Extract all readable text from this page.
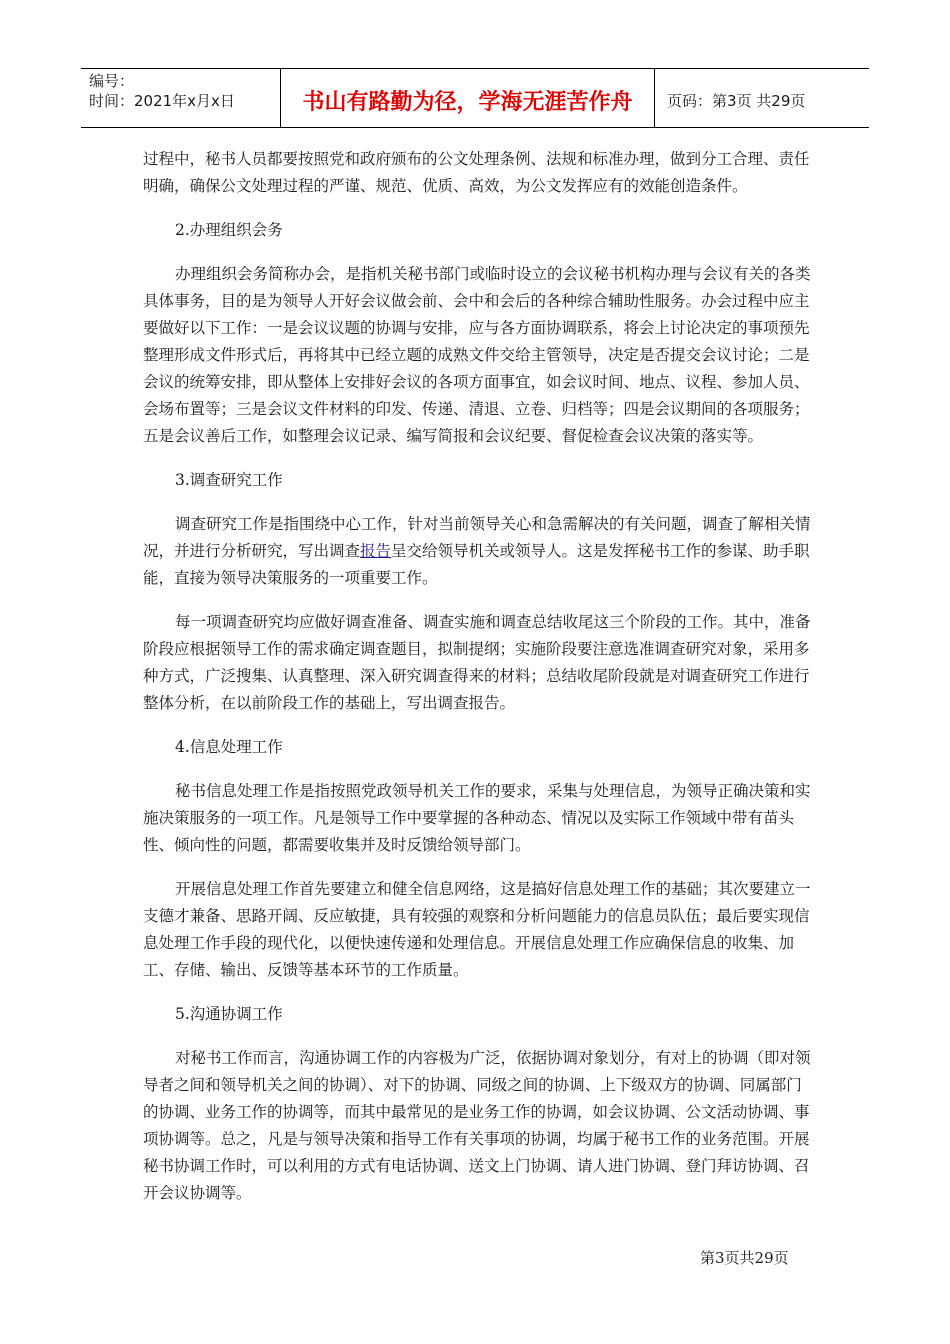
编号：
时间：2021年x月x日	书山有路勤为径，学海无涯苦作舟	页码：第3页 共29页

过程中，秘书人员都要按照党和政府颁布的公文处理条例、法规和标准办理，做到分工合理、责任明确，确保公文处理过程的严谨、规范、优质、高效，为公文发挥应有的效能创造条件。

2.办理组织会务

办理组织会务简称办会，是指机关秘书部门或临时设立的会议秘书机构办理与会议有关的各类具体事务，目的是为领导人开好会议做会前、会中和会后的各种综合辅助性服务。办会过程中应主要做好以下工作：一是会议议题的协调与安排，应与各方面协调联系，将会上讨论决定的事项预先整理形成文件形式后，再将其中已经立题的成熟文件交给主管领导，决定是否提交会议讨论；二是会议的统筹安排，即从整体上安排好会议的各项方面事宜，如会议时间、地点、议程、参加人员、会场布置等；三是会议文件材料的印发、传递、清退、立卷、归档等；四是会议期间的各项服务；五是会议善后工作，如整理会议记录、编写简报和会议纪要、督促检查会议决策的落实等。

3.调查研究工作

调查研究工作是指围绕中心工作，针对当前领导关心和急需解决的有关问题，调查了解相关情况，并进行分析研究，写出调查报告呈交给领导机关或领导人。这是发挥秘书工作的参谋、助手职能，直接为领导决策服务的一项重要工作。

每一项调查研究均应做好调查准备、调查实施和调查总结收尾这三个阶段的工作。其中，准备阶段应根据领导工作的需求确定调查题目，拟制提纲；实施阶段要注意选准调查研究对象，采用多种方式，广泛搜集、认真整理、深入研究调查得来的材料；总结收尾阶段就是对调查研究工作进行整体分析，在以前阶段工作的基础上，写出调查报告。

4.信息处理工作

秘书信息处理工作是指按照党政领导机关工作的要求，采集与处理信息，为领导正确决策和实施决策服务的一项工作。凡是领导工作中要掌握的各种动态、情况以及实际工作领域中带有苗头性、倾向性的问题，都需要收集并及时反馈给领导部门。

开展信息处理工作首先要建立和健全信息网络，这是搞好信息处理工作的基础；其次要建立一支德才兼备、思路开阔、反应敏捷，具有较强的观察和分析问题能力的信息员队伍；最后要实现信息处理工作手段的现代化，以便快速传递和处理信息。开展信息处理工作应确保信息的收集、加工、存储、输出、反馈等基本环节的工作质量。

5.沟通协调工作

对秘书工作而言，沟通协调工作的内容极为广泛，依据协调对象划分，有对上的协调（即对领导者之间和领导机关之间的协调）、对下的协调、同级之间的协调、上下级双方的协调、同属部门的协调、业务工作的协调等，而其中最常见的是业务工作的协调，如会议协调、公文活动协调、事项协调等。总之，凡是与领导决策和指导工作有关事项的协调，均属于秘书工作的业务范围。开展秘书协调工作时，可以利用的方式有电话协调、送文上门协调、请人进门协调、登门拜访协调、召开会议协调等。

第3页共29页
